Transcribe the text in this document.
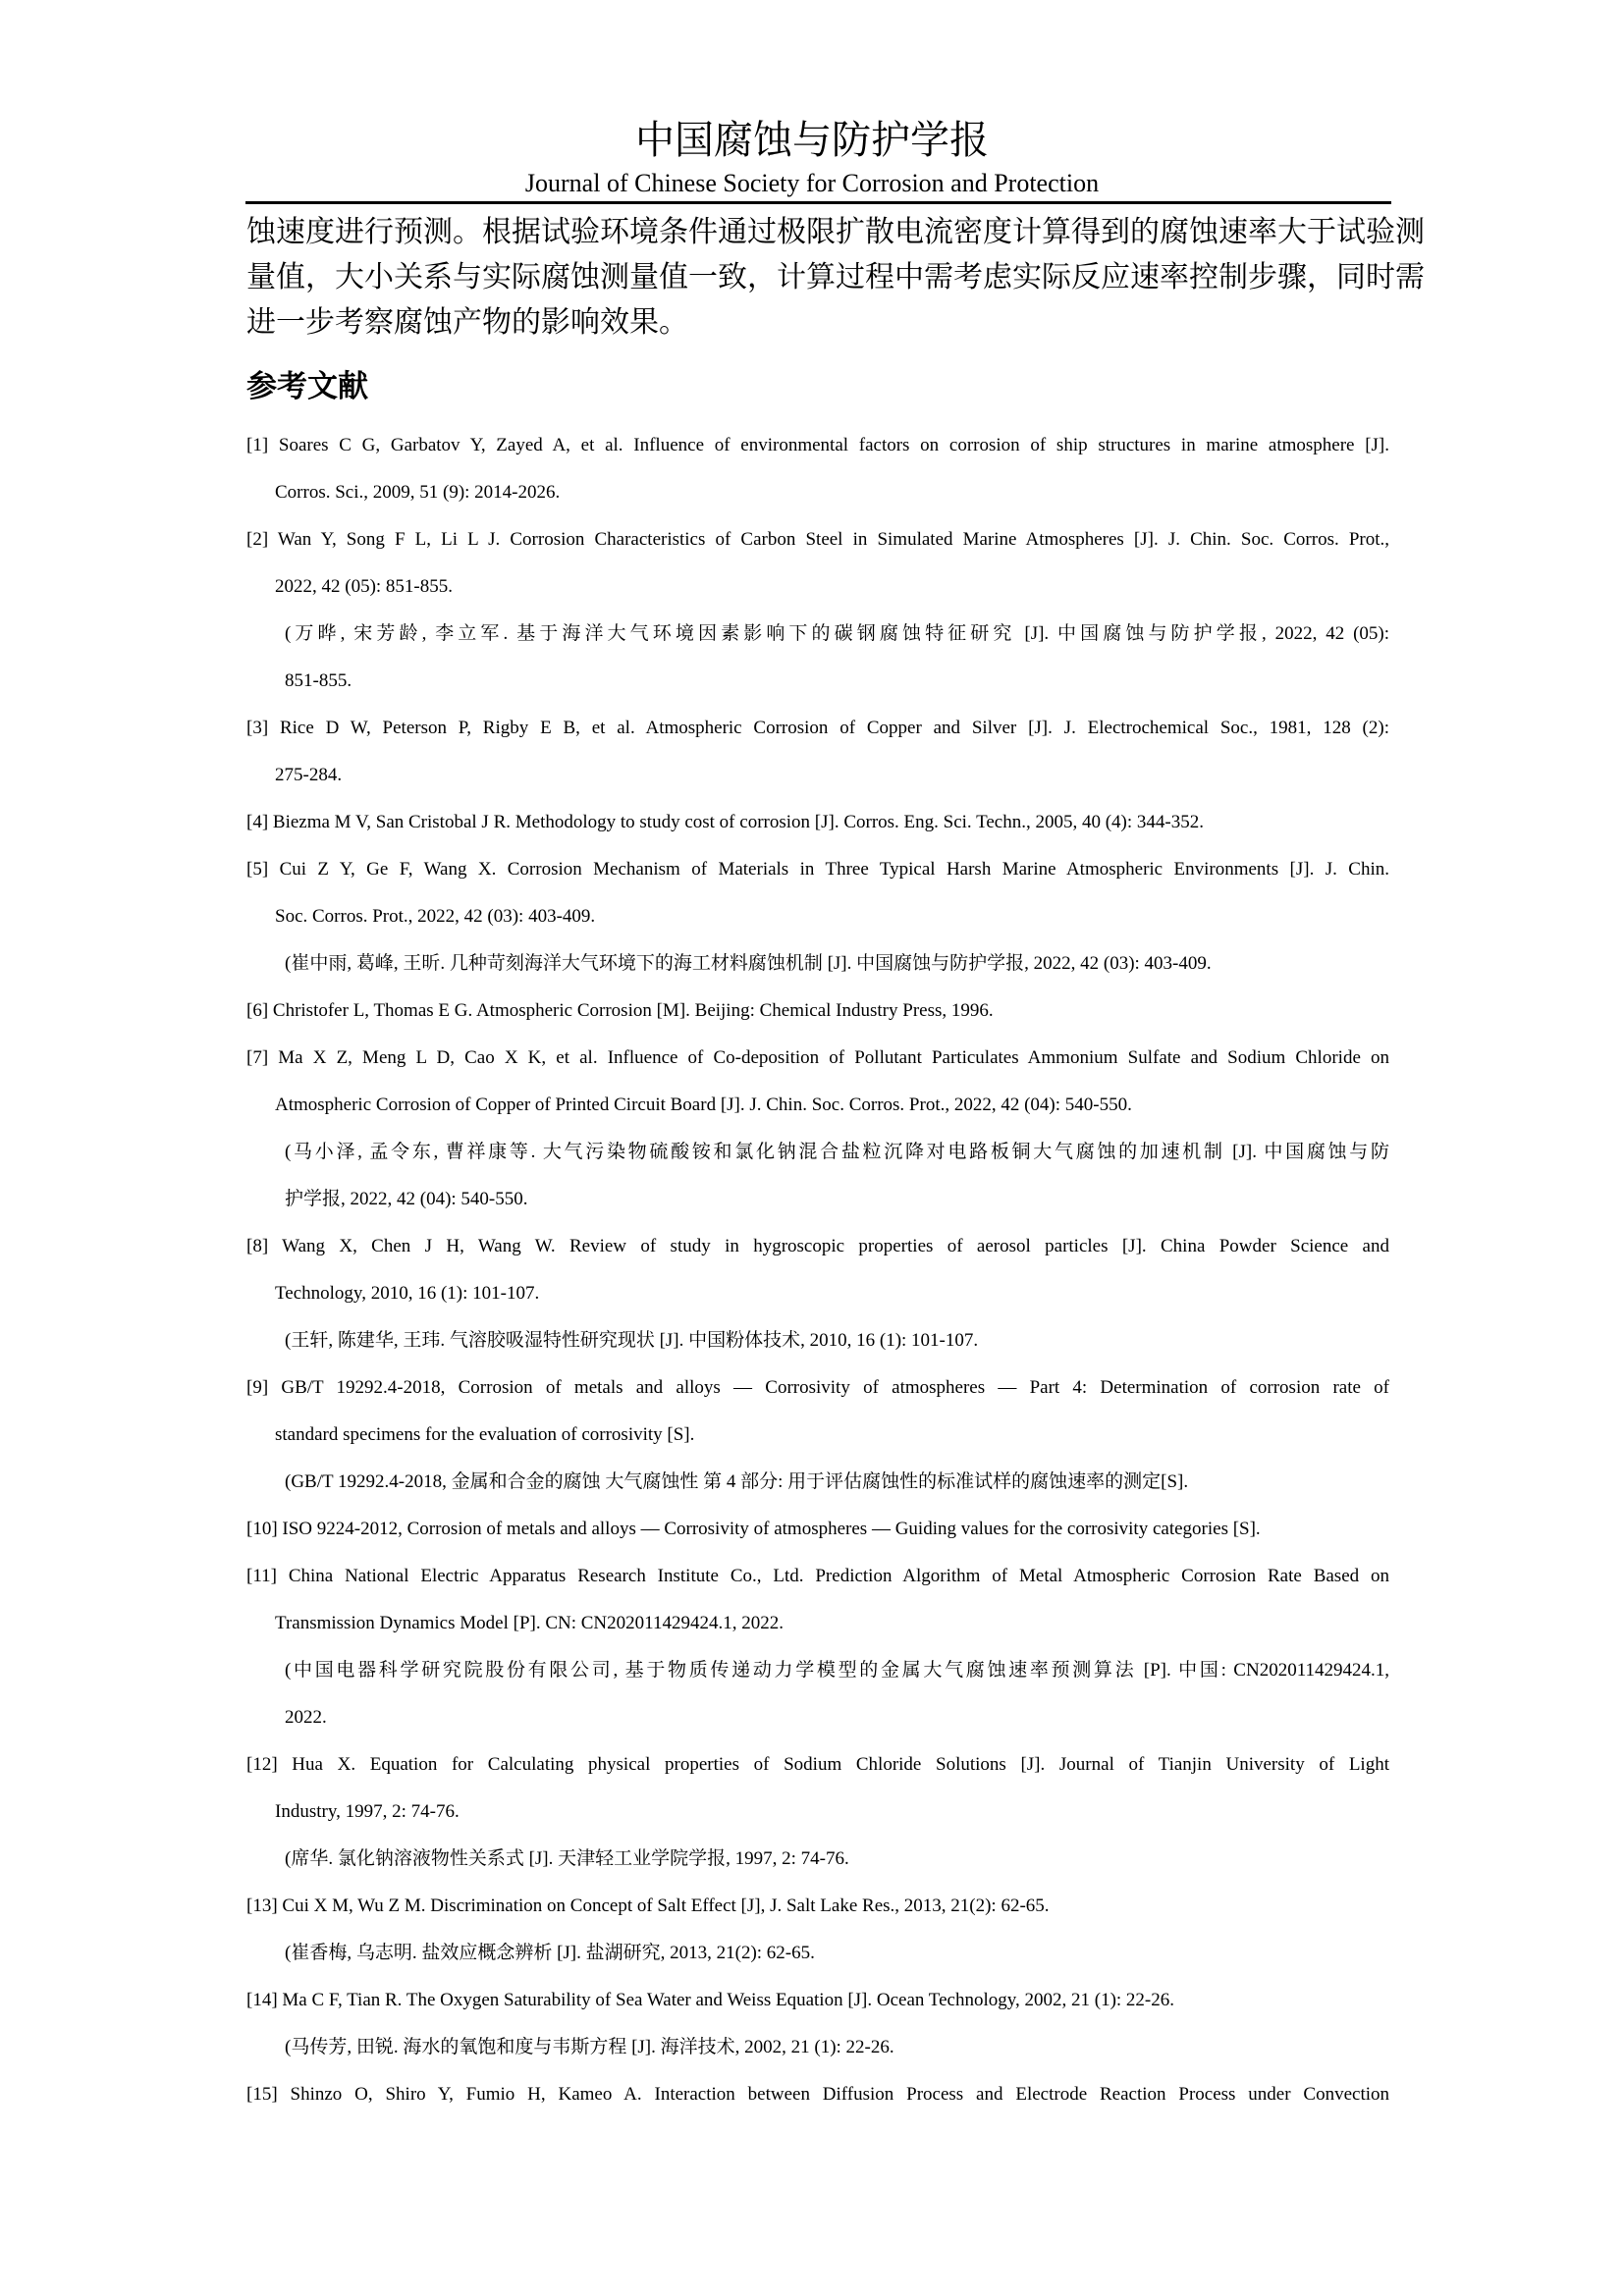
中国腐蚀与防护学报
Journal of Chinese Society for Corrosion and Protection
蚀速度进行预测。根据试验环境条件通过极限扩散电流密度计算得到的腐蚀速率大于试验测
量值，大小关系与实际腐蚀测量值一致，计算过程中需考虑实际反应速率控制步骤，同时需
进一步考察腐蚀产物的影响效果。
参考文献
[1] Soares C G, Garbatov Y, Zayed A, et al. Influence of environmental factors on corrosion of ship structures in marine atmosphere [J].
Corros. Sci., 2009, 51 (9): 2014-2026.
[2] Wan Y, Song F L, Li L J. Corrosion Characteristics of Carbon Steel in Simulated Marine Atmospheres [J]. J. Chin. Soc. Corros. Prot.,
2022, 42 (05): 851-855.
(万晔, 宋芳龄, 李立军. 基于海洋大气环境因素影响下的碳钢腐蚀特征研究 [J]. 中国腐蚀与防护学报, 2022, 42 (05):
851-855.
[3] Rice D W, Peterson P, Rigby E B, et al. Atmospheric Corrosion of Copper and Silver [J]. J. Electrochemical Soc., 1981, 128 (2):
275-284.
[4] Biezma M V, San Cristobal J R. Methodology to study cost of corrosion [J]. Corros. Eng. Sci. Techn., 2005, 40 (4): 344-352.
[5] Cui Z Y, Ge F, Wang X. Corrosion Mechanism of Materials in Three Typical Harsh Marine Atmospheric Environments [J]. J. Chin.
Soc. Corros. Prot., 2022, 42 (03): 403-409.
(崔中雨, 葛峰, 王昕. 几种苛刻海洋大气环境下的海工材料腐蚀机制 [J]. 中国腐蚀与防护学报, 2022, 42 (03): 403-409.
[6] Christofer L, Thomas E G. Atmospheric Corrosion [M]. Beijing: Chemical Industry Press, 1996.
[7] Ma X Z, Meng L D, Cao X K, et al. Influence of Co-deposition of Pollutant Particulates Ammonium Sulfate and Sodium Chloride on
Atmospheric Corrosion of Copper of Printed Circuit Board [J]. J. Chin. Soc. Corros. Prot., 2022, 42 (04): 540-550.
(马小泽, 孟令东, 曹祥康等. 大气污染物硫酸铵和氯化钠混合盐粒沉降对电路板铜大气腐蚀的加速机制 [J]. 中国腐蚀与防
护学报, 2022, 42 (04): 540-550.
[8] Wang X, Chen J H, Wang W. Review of study in hygroscopic properties of aerosol particles [J]. China Powder Science and
Technology, 2010, 16 (1): 101-107.
(王轩, 陈建华, 王玮. 气溶胶吸湿特性研究现状 [J]. 中国粉体技术, 2010, 16 (1): 101-107.
[9] GB/T 19292.4-2018, Corrosion of metals and alloys — Corrosivity of atmospheres — Part 4: Determination of corrosion rate of
standard specimens for the evaluation of corrosivity [S].
(GB/T 19292.4-2018, 金属和合金的腐蚀 大气腐蚀性 第 4 部分: 用于评估腐蚀性的标准试样的腐蚀速率的测定[S].
[10] ISO 9224-2012, Corrosion of metals and alloys — Corrosivity of atmospheres — Guiding values for the corrosivity categories [S].
[11] China National Electric Apparatus Research Institute Co., Ltd. Prediction Algorithm of Metal Atmospheric Corrosion Rate Based on
Transmission Dynamics Model [P]. CN: CN202011429424.1, 2022.
(中国电器科学研究院股份有限公司, 基于物质传递动力学模型的金属大气腐蚀速率预测算法 [P]. 中国: CN202011429424.1,
2022.
[12] Hua X. Equation for Calculating physical properties of Sodium Chloride Solutions [J]. Journal of Tianjin University of Light
Industry, 1997, 2: 74-76.
(席华. 氯化钠溶液物性关系式 [J]. 天津轻工业学院学报, 1997, 2: 74-76.
[13] Cui X M, Wu Z M. Discrimination on Concept of Salt Effect [J], J. Salt Lake Res., 2013, 21(2): 62-65.
(崔香梅, 乌志明. 盐效应概念辨析 [J]. 盐湖研究, 2013, 21(2): 62-65.
[14] Ma C F, Tian R. The Oxygen Saturability of Sea Water and Weiss Equation [J]. Ocean Technology, 2002, 21 (1): 22-26.
(马传芳, 田锐. 海水的氧饱和度与韦斯方程 [J]. 海洋技术, 2002, 21 (1): 22-26.
[15] Shinzo O, Shiro Y, Fumio H, Kameo A. Interaction between Diffusion Process and Electrode Reaction Process under Convection
